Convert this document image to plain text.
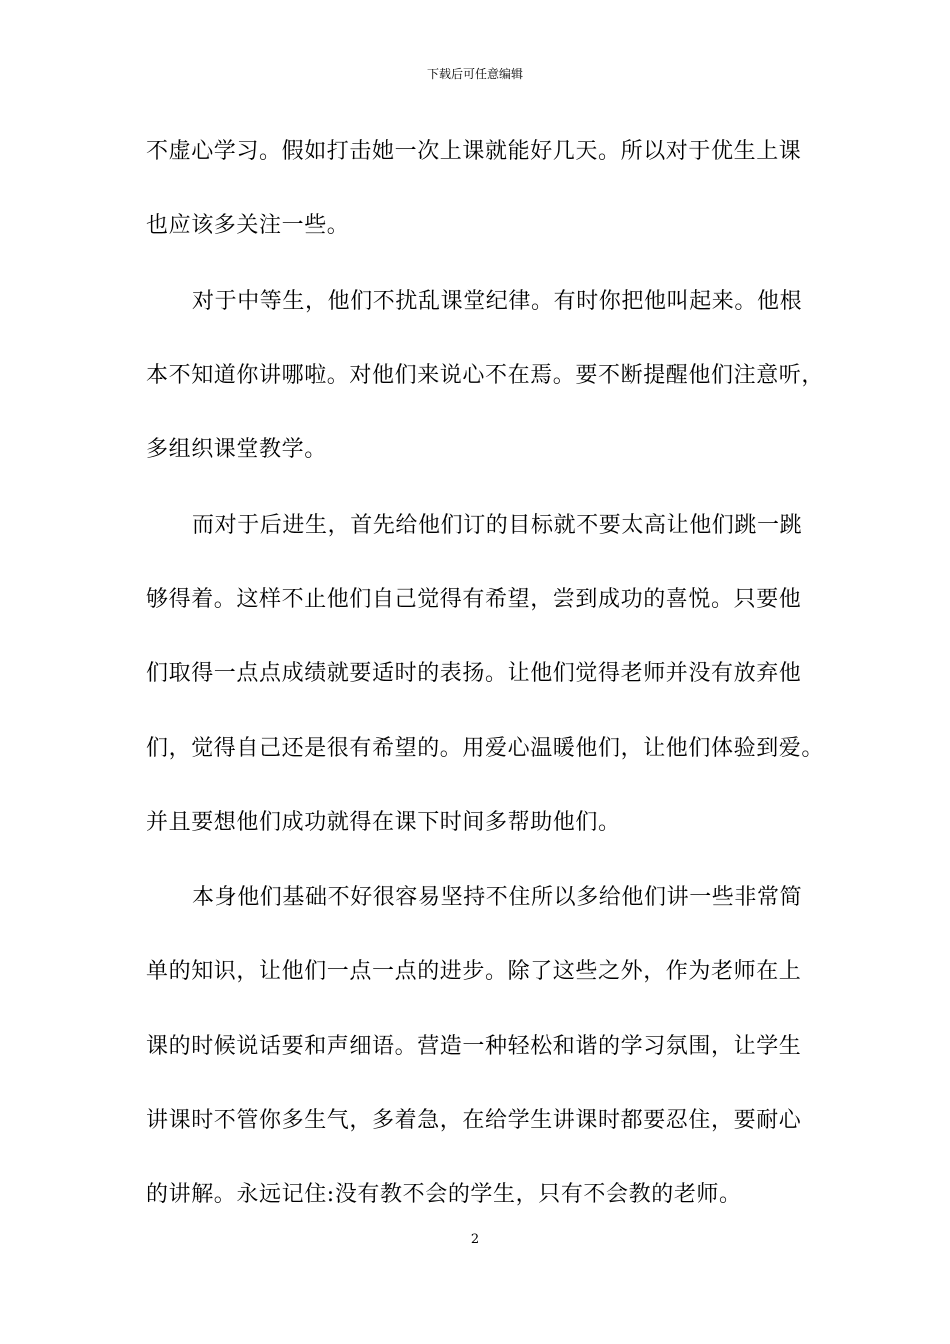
下载后可任意编辑
不虚心学习。假如打击她一次上课就能好几天。所以对于优生上课
也应该多关注一些。
对于中等生，他们不扰乱课堂纪律。有时你把他叫起来。他根
本不知道你讲哪啦。对他们来说心不在焉。要不断提醒他们注意听，
多组织课堂教学。
而对于后进生，首先给他们订的目标就不要太高让他们跳一跳
够得着。这样不止他们自己觉得有希望，尝到成功的喜悦。只要他
们取得一点点成绩就要适时的表扬。让他们觉得老师并没有放弃他
们，觉得自己还是很有希望的。用爱心温暖他们，让他们体验到爱。
并且要想他们成功就得在课下时间多帮助他们。
本身他们基础不好很容易坚持不住所以多给他们讲一些非常简
单的知识，让他们一点一点的进步。除了这些之外，作为老师在上
课的时候说话要和声细语。营造一种轻松和谐的学习氛围，让学生
讲课时不管你多生气，多着急，在给学生讲课时都要忍住，要耐心
的讲解。永远记住:没有教不会的学生，只有不会教的老师。
2
